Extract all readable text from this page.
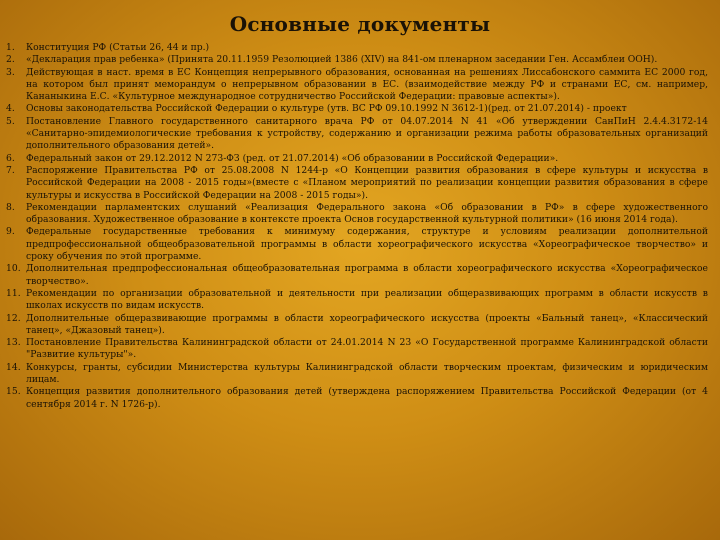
Основные документы
1.	Конституция РФ (Статьи 26, 44 и пр.)
2.	«Декларация прав ребенка» (Принята 20.11.1959 Резолюцией 1386 (XIV) на 841-ом пленарном заседании Ген. Ассамблеи ООН).
3.	Действующая в наст. время в ЕС Концепция непрерывного образования, основанная на решениях Лиссабонского саммита ЕС 2000 год, на котором был принят меморандум о непрерывном образовании в ЕС. (взаимодействие между РФ и странами ЕС, см. например, Кананыкина Е.С. «Культурное международное сотрудничество Российской Федерации: правовые аспекты»).
4.	Основы законодательства Российской Федерации о культуре (утв. ВС РФ 09.10.1992 N 3612-1)(ред. от 21.07.2014) - проект
5.	Постановление Главного государственного санитарного врача РФ от 04.07.2014 N 41 «Об утверждении СанПиН 2.4.4.3172-14 «Санитарно-эпидемиологические требования к устройству, содержанию и организации режима работы образовательных организаций дополнительного образования детей».
6.	Федеральный закон от 29.12.2012 N 273-ФЗ (ред. от 21.07.2014) «Об образовании в Российской Федерации».
7.	Распоряжение Правительства РФ от 25.08.2008 N 1244-р «О Концепции развития образования в сфере культуры и искусства в Российской Федерации на 2008 - 2015 годы»(вместе с «Планом мероприятий по реализации концепции развития образования в сфере культуры и искусства в Российской Федерации на 2008 - 2015 годы»).
8.	Рекомендации парламентских слушаний «Реализация Федерального закона «Об образовании в РФ» в сфере художественного образования. Художественное образование в контексте проекта Основ государственной культурной политики» (16 июня 2014 года).
9.	Федеральные государственные требования к минимуму содержания, структуре и условиям реализации дополнительной предпрофессиональной общеобразовательной программы в области хореографического искусства «Хореографическое творчество» и сроку обучения по этой программе.
10. Дополнительная предпрофессиональная общеобразовательная программа в области хореографического искусства «Хореографическое творчество».
11. Рекомендации по организации образовательной и деятельности при реализации общеразвивающих программ в области искусств в школах искусств по видам искусств.
12. Дополнительные общеразвивающие программы в области хореографического искусства (проекты «Бальный танец», «Классический танец», «Джазовый танец»).
13. Постановление Правительства Калининградской области от 24.01.2014 N 23 «О Государственной программе Калининградской области "Развитие культуры"».
14. Конкурсы, гранты, субсидии Министерства культуры Калининградской области творческим проектам, физическим и юридическим лицам.
15. Концепция развития дополнительного образования детей (утверждена распоряжением Правительства Российской Федерации (от 4 сентября 2014 г. N 1726-р).
